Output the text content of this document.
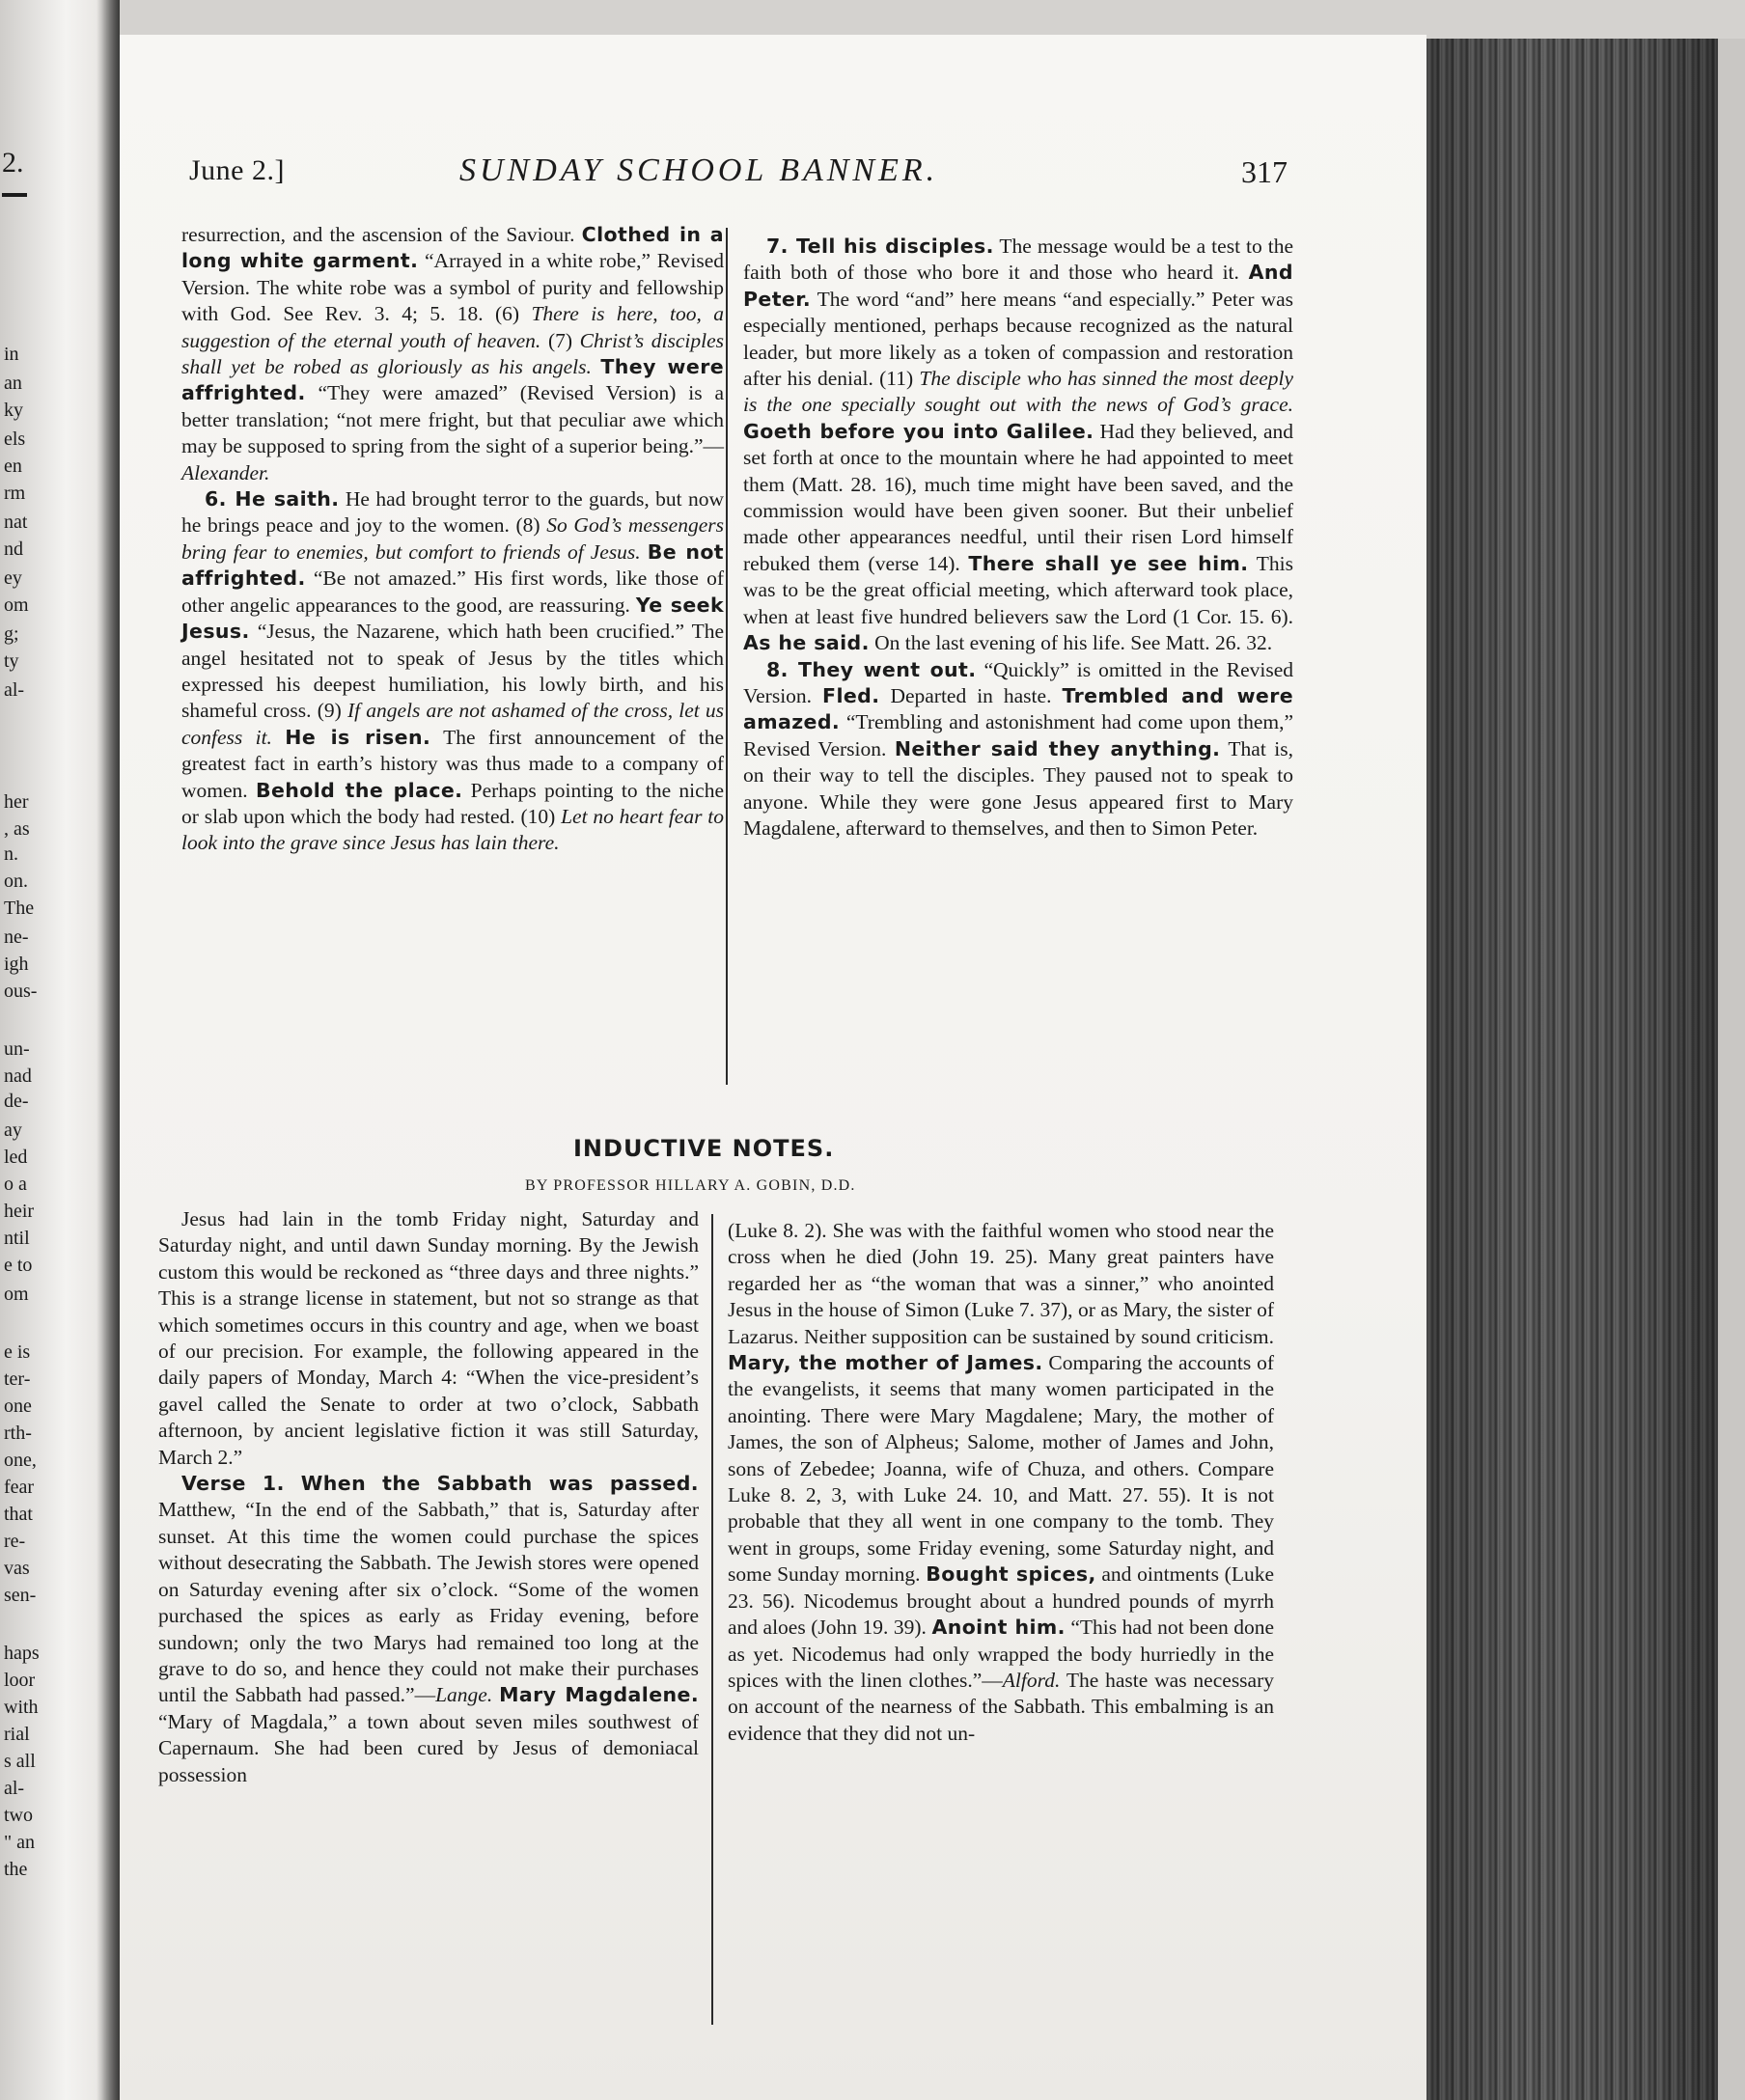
2.
in
an
ky
els
en
rm
nat
nd
ey
om
g;
ty
al-
her
, as
n.
on.
The
ne-
igh
ous-
un-
nad
de-
ay
led
o a
heir
ntil
e to
om
e is
ter-
one
rth-
one,
fear
that
re-
vas
sen-
haps
loor
with
rial
s all
al-
two
" an
the
June 2.]	SUNDAY SCHOOL BANNER.	317

resurrection, and the ascension of the Saviour. Clothed in a long white garment. “Arrayed in a white robe,” Revised Version. The white robe was a symbol of purity and fellowship with God. See Rev. 3. 4; 5. 18. (6) There is here, too, a suggestion of the eternal youth of heaven. (7) Christ’s disciples shall yet be robed as gloriously as his angels. They were affrighted. “They were amazed” (Revised Version) is a better translation; “not mere fright, but that peculiar awe which may be supposed to spring from the sight of a superior being.”—Alexander.

6. He saith. He had brought terror to the guards, but now he brings peace and joy to the women. (8) So God’s messengers bring fear to enemies, but comfort to friends of Jesus. Be not affrighted. “Be not amazed.” His first words, like those of other angelic appearances to the good, are reassuring. Ye seek Jesus. “Jesus, the Nazarene, which hath been crucified.” The angel hesitated not to speak of Jesus by the titles which expressed his deepest humiliation, his lowly birth, and his shameful cross. (9) If angels are not ashamed of the cross, let us confess it. He is risen. The first announcement of the greatest fact in earth’s history was thus made to a company of women. Behold the place. Perhaps pointing to the niche or slab upon which the body had rested. (10) Let no heart fear to look into the grave since Jesus has lain there.

7. Tell his disciples. The message would be a test to the faith both of those who bore it and those who heard it. And Peter. The word “and” here means “and especially.” Peter was especially mentioned, perhaps because recognized as the natural leader, but more likely as a token of compassion and restoration after his denial. (11) The disciple who has sinned the most deeply is the one specially sought out with the news of God’s grace. Goeth before you into Galilee. Had they believed, and set forth at once to the mountain where he had appointed to meet them (Matt. 28. 16), much time might have been saved, and the commission would have been given sooner. But their unbelief made other appearances needful, until their risen Lord himself rebuked them (verse 14). There shall ye see him. This was to be the great official meeting, which afterward took place, when at least five hundred believers saw the Lord (1 Cor. 15. 6). As he said. On the last evening of his life. See Matt. 26. 32.

8. They went out. “Quickly” is omitted in the Revised Version. Fled. Departed in haste. Trembled and were amazed. “Trembling and astonishment had come upon them,” Revised Version. Neither said they anything. That is, on their way to tell the disciples. They paused not to speak to anyone. While they were gone Jesus appeared first to Mary Magdalene, afterward to themselves, and then to Simon Peter.

INDUCTIVE NOTES.
BY PROFESSOR HILLARY A. GOBIN, D.D.

Jesus had lain in the tomb Friday night, Saturday and Saturday night, and until dawn Sunday morning. By the Jewish custom this would be reckoned as “three days and three nights.” This is a strange license in statement, but not so strange as that which sometimes occurs in this country and age, when we boast of our precision. For example, the following appeared in the daily papers of Monday, March 4: “When the vice-president’s gavel called the Senate to order at two o’clock, Sabbath afternoon, by ancient legislative fiction it was still Saturday, March 2.”

Verse 1. When the Sabbath was passed. Matthew, “In the end of the Sabbath,” that is, Saturday after sunset. At this time the women could purchase the spices without desecrating the Sabbath. The Jewish stores were opened on Saturday evening after six o’clock. “Some of the women purchased the spices as early as Friday evening, before sundown; only the two Marys had remained too long at the grave to do so, and hence they could not make their purchases until the Sabbath had passed.”—Lange. Mary Magdalene. “Mary of Magdala,” a town about seven miles southwest of Capernaum. She had been cured by Jesus of demoniacal possession

(Luke 8. 2). She was with the faithful women who stood near the cross when he died (John 19. 25). Many great painters have regarded her as “the woman that was a sinner,” who anointed Jesus in the house of Simon (Luke 7. 37), or as Mary, the sister of Lazarus. Neither supposition can be sustained by sound criticism. Mary, the mother of James. Comparing the accounts of the evangelists, it seems that many women participated in the anointing. There were Mary Magdalene; Mary, the mother of James, the son of Alpheus; Salome, mother of James and John, sons of Zebedee; Joanna, wife of Chuza, and others. Compare Luke 8. 2, 3, with Luke 24. 10, and Matt. 27. 55). It is not probable that they all went in one company to the tomb. They went in groups, some Friday evening, some Saturday night, and some Sunday morning. Bought spices, and ointments (Luke 23. 56). Nicodemus brought about a hundred pounds of myrrh and aloes (John 19. 39). Anoint him. “This had not been done as yet. Nicodemus had only wrapped the body hurriedly in the spices with the linen clothes.”—Alford. The haste was necessary on account of the nearness of the Sabbath. This embalming is an evidence that they did not un-
